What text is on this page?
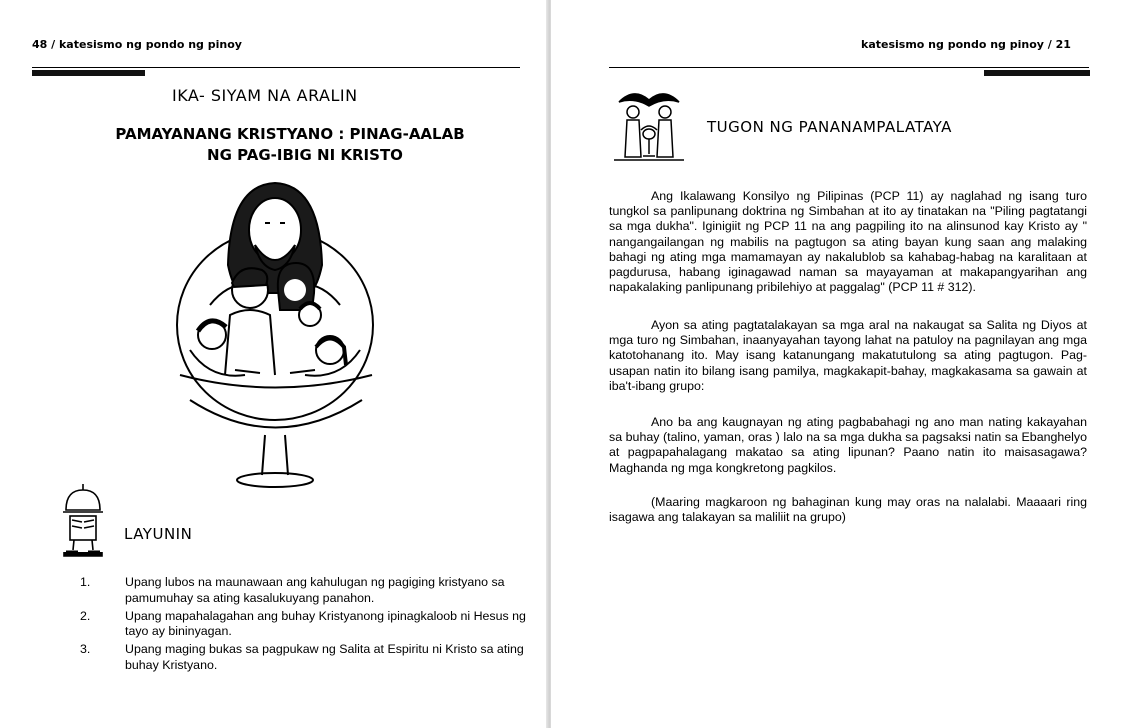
48 / katesismo ng pondo ng pinoy
IKA- SIYAM NA ARALIN
PAMAYANANG KRISTYANO : PINAG-AALAB
NG PAG-IBIG NI KRISTO
LAYUNIN
1.	Upang lubos na maunawaan ang kahulugan ng pagiging kristyano sa pamumuhay sa ating kasalukuyang panahon.
2.	Upang mapahalagahan ang buhay Kristyanong ipinagkaloob ni Hesus ng tayo ay bininyagan.
3.	Upang maging bukas sa pagpukaw ng Salita at Espiritu ni Kristo sa ating buhay Kristyano.
katesismo ng pondo ng pinoy / 21
TUGON NG PANANAMPALATAYA

Ang Ikalawang Konsilyo ng Pilipinas (PCP 11) ay naglahad ng isang turo tungkol sa panlipunang doktrina ng Simbahan at ito ay tinatakan na "Piling pagtatangi sa mga dukha". Iginigiit ng PCP 11 na ang pagpiling ito na alinsunod kay Kristo ay " nangangailangan ng mabilis na pagtugon sa ating bayan kung saan ang malaking bahagi ng ating mga mamamayan ay nakalublob sa kahabag-habag na karalitaan at pagdurusa, habang iginagawad naman sa mayayaman at makapangyarihan ang napakalaking panlipunang pribilehiyo at paggalag" (PCP 11 # 312).

Ayon sa ating pagtatalakayan sa mga aral na nakaugat sa Salita ng Diyos at mga turo ng Simbahan, inaanyayahan tayong lahat na patuloy na pagnilayan ang mga katotohanang ito. May isang katanungang makatutulong sa ating pagtugon. Pag-usapan natin ito bilang isang pamilya, magkakapit-bahay, magkakasama sa gawain at iba't-ibang grupo:

Ano ba ang kaugnayan ng ating pagbabahagi ng ano man nating kakayahan sa buhay (talino, yaman, oras ) lalo na sa mga dukha sa pagsaksi natin sa Ebanghelyo at pagpapahalagang makatao sa ating lipunan? Paano natin ito maisasagawa? Maghanda ng mga kongkretong pagkilos.

(Maaring magkaroon ng bahaginan kung may oras na nalalabi. Maaaari ring isagawa ang talakayan sa maliliit na grupo)
